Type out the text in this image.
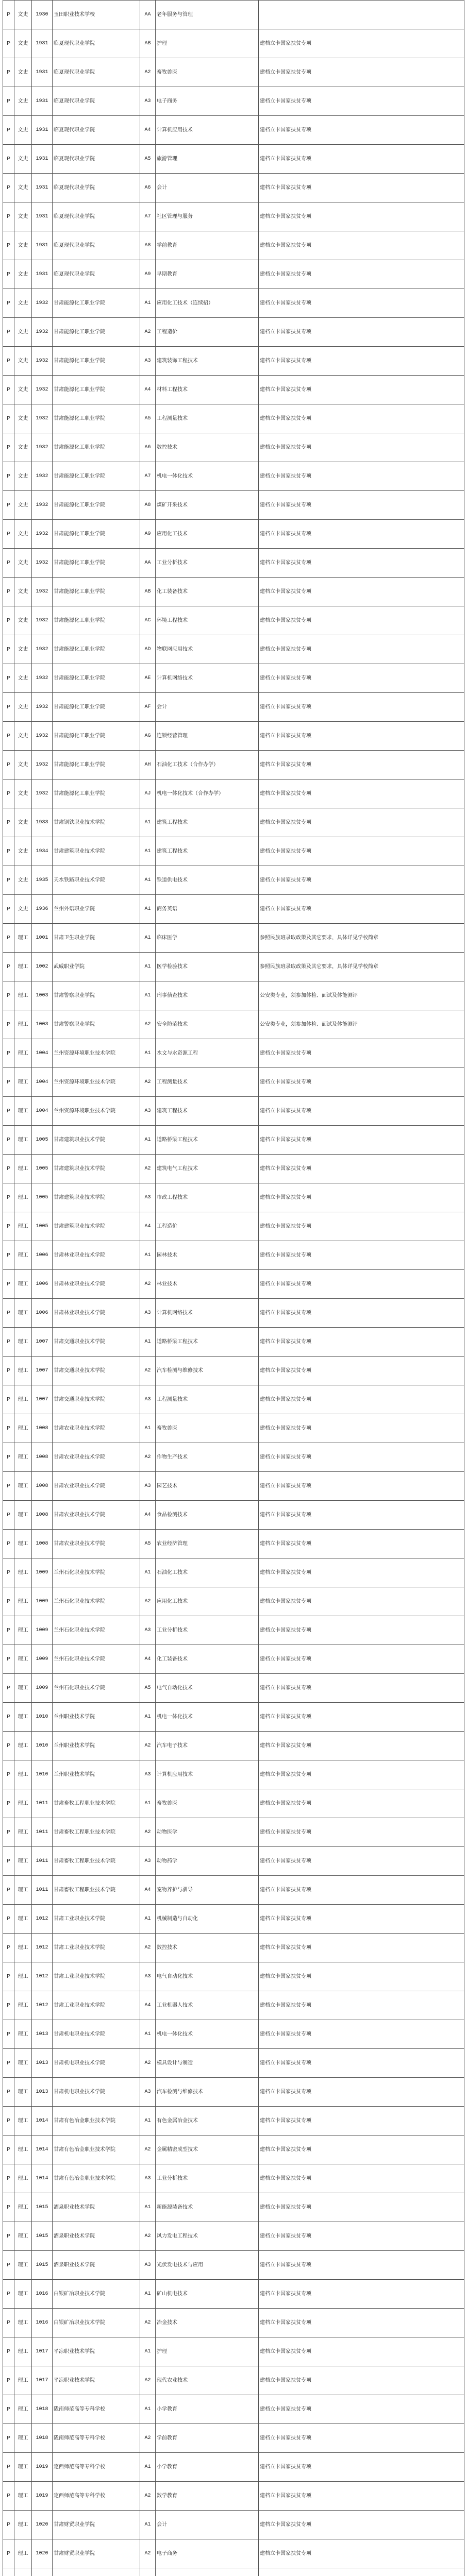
P	文史	1930	玉田职业技术学校	AA	老年服务与管理	
P	文史	1931	临夏现代职业学院	AB	护理	建档立卡国家扶贫专项
P	文史	1931	临夏现代职业学院	A2	畜牧兽医	建档立卡国家扶贫专项
P	文史	1931	临夏现代职业学院	A3	电子商务	建档立卡国家扶贫专项
P	文史	1931	临夏现代职业学院	A4	计算机应用技术	建档立卡国家扶贫专项
P	文史	1931	临夏现代职业学院	A5	旅游管理	建档立卡国家扶贫专项
P	文史	1931	临夏现代职业学院	A6	会计	建档立卡国家扶贫专项
P	文史	1931	临夏现代职业学院	A7	社区管理与服务	建档立卡国家扶贫专项
P	文史	1931	临夏现代职业学院	A8	学前教育	建档立卡国家扶贫专项
P	文史	1931	临夏现代职业学院	A9	早期教育	建档立卡国家扶贫专项
P	文史	1932	甘肃能源化工职业学院	A1	应用化工技术（连续招）	建档立卡国家扶贫专项
P	文史	1932	甘肃能源化工职业学院	A2	工程造价	建档立卡国家扶贫专项
P	文史	1932	甘肃能源化工职业学院	A3	建筑装饰工程技术	建档立卡国家扶贫专项
P	文史	1932	甘肃能源化工职业学院	A4	材料工程技术	建档立卡国家扶贫专项
P	文史	1932	甘肃能源化工职业学院	A5	工程测量技术	建档立卡国家扶贫专项
P	文史	1932	甘肃能源化工职业学院	A6	数控技术	建档立卡国家扶贫专项
P	文史	1932	甘肃能源化工职业学院	A7	机电一体化技术	建档立卡国家扶贫专项
P	文史	1932	甘肃能源化工职业学院	A8	煤矿开采技术	建档立卡国家扶贫专项
P	文史	1932	甘肃能源化工职业学院	A9	应用化工技术	建档立卡国家扶贫专项
P	文史	1932	甘肃能源化工职业学院	AA	工业分析技术	建档立卡国家扶贫专项
P	文史	1932	甘肃能源化工职业学院	AB	化工装备技术	建档立卡国家扶贫专项
P	文史	1932	甘肃能源化工职业学院	AC	环境工程技术	建档立卡国家扶贫专项
P	文史	1932	甘肃能源化工职业学院	AD	物联网应用技术	建档立卡国家扶贫专项
P	文史	1932	甘肃能源化工职业学院	AE	计算机网络技术	建档立卡国家扶贫专项
P	文史	1932	甘肃能源化工职业学院	AF	会计	建档立卡国家扶贫专项
P	文史	1932	甘肃能源化工职业学院	AG	连锁经营管理	建档立卡国家扶贫专项
P	文史	1932	甘肃能源化工职业学院	AH	石油化工技术（合作办学）	建档立卡国家扶贫专项
P	文史	1932	甘肃能源化工职业学院	AJ	机电一体化技术（合作办学）	建档立卡国家扶贫专项
P	文史	1933	甘肃钢铁职业技术学院	A1	建筑工程技术	建档立卡国家扶贫专项
P	文史	1934	甘肃建筑职业技术学院	A1	建筑工程技术	建档立卡国家扶贫专项
P	文史	1935	天水铁路职业技术学院	A1	铁道供电技术	建档立卡国家扶贫专项
P	文史	1936	兰州外语职业学院	A1	商务英语	建档立卡国家扶贫专项
P	理工	1001	甘肃卫生职业学院	A1	临床医学	参照民族班录取政策及其它要求，具体详见学校简章
P	理工	1002	武威职业学院	A1	医学检验技术	参照民族班录取政策及其它要求，具体详见学校简章
P	理工	1003	甘肃警察职业学院	A1	刑事侦查技术	公安类专业，须参加体检、面试及体能测评
P	理工	1003	甘肃警察职业学院	A2	安全防范技术	公安类专业，须参加体检、面试及体能测评
P	理工	1004	兰州资源环境职业技术学院	A1	水文与水资源工程	建档立卡国家扶贫专项
P	理工	1004	兰州资源环境职业技术学院	A2	工程测量技术	建档立卡国家扶贫专项
P	理工	1004	兰州资源环境职业技术学院	A3	建筑工程技术	建档立卡国家扶贫专项
P	理工	1005	甘肃建筑职业技术学院	A1	道路桥梁工程技术	建档立卡国家扶贫专项
P	理工	1005	甘肃建筑职业技术学院	A2	建筑电气工程技术	建档立卡国家扶贫专项
P	理工	1005	甘肃建筑职业技术学院	A3	市政工程技术	建档立卡国家扶贫专项
P	理工	1005	甘肃建筑职业技术学院	A4	工程造价	建档立卡国家扶贫专项
P	理工	1006	甘肃林业职业技术学院	A1	园林技术	建档立卡国家扶贫专项
P	理工	1006	甘肃林业职业技术学院	A2	林业技术	建档立卡国家扶贫专项
P	理工	1006	甘肃林业职业技术学院	A3	计算机网络技术	建档立卡国家扶贫专项
P	理工	1007	甘肃交通职业技术学院	A1	道路桥梁工程技术	建档立卡国家扶贫专项
P	理工	1007	甘肃交通职业技术学院	A2	汽车检测与维修技术	建档立卡国家扶贫专项
P	理工	1007	甘肃交通职业技术学院	A3	工程测量技术	建档立卡国家扶贫专项
P	理工	1008	甘肃农业职业技术学院	A1	畜牧兽医	建档立卡国家扶贫专项
P	理工	1008	甘肃农业职业技术学院	A2	作物生产技术	建档立卡国家扶贫专项
P	理工	1008	甘肃农业职业技术学院	A3	园艺技术	建档立卡国家扶贫专项
P	理工	1008	甘肃农业职业技术学院	A4	食品检测技术	建档立卡国家扶贫专项
P	理工	1008	甘肃农业职业技术学院	A5	农业经济管理	建档立卡国家扶贫专项
P	理工	1009	兰州石化职业技术学院	A1	石油化工技术	建档立卡国家扶贫专项
P	理工	1009	兰州石化职业技术学院	A2	应用化工技术	建档立卡国家扶贫专项
P	理工	1009	兰州石化职业技术学院	A3	工业分析技术	建档立卡国家扶贫专项
P	理工	1009	兰州石化职业技术学院	A4	化工装备技术	建档立卡国家扶贫专项
P	理工	1009	兰州石化职业技术学院	A5	电气自动化技术	建档立卡国家扶贫专项
P	理工	1010	兰州职业技术学院	A1	机电一体化技术	建档立卡国家扶贫专项
P	理工	1010	兰州职业技术学院	A2	汽车电子技术	建档立卡国家扶贫专项
P	理工	1010	兰州职业技术学院	A3	计算机应用技术	建档立卡国家扶贫专项
P	理工	1011	甘肃畜牧工程职业技术学院	A1	畜牧兽医	建档立卡国家扶贫专项
P	理工	1011	甘肃畜牧工程职业技术学院	A2	动物医学	建档立卡国家扶贫专项
P	理工	1011	甘肃畜牧工程职业技术学院	A3	动物药学	建档立卡国家扶贫专项
P	理工	1011	甘肃畜牧工程职业技术学院	A4	宠物养护与驯导	建档立卡国家扶贫专项
P	理工	1012	甘肃工业职业技术学院	A1	机械制造与自动化	建档立卡国家扶贫专项
P	理工	1012	甘肃工业职业技术学院	A2	数控技术	建档立卡国家扶贫专项
P	理工	1012	甘肃工业职业技术学院	A3	电气自动化技术	建档立卡国家扶贫专项
P	理工	1012	甘肃工业职业技术学院	A4	工业机器人技术	建档立卡国家扶贫专项
P	理工	1013	甘肃机电职业技术学院	A1	机电一体化技术	建档立卡国家扶贫专项
P	理工	1013	甘肃机电职业技术学院	A2	模具设计与制造	建档立卡国家扶贫专项
P	理工	1013	甘肃机电职业技术学院	A3	汽车检测与维修技术	建档立卡国家扶贫专项
P	理工	1014	甘肃有色冶金职业技术学院	A1	有色金属冶金技术	建档立卡国家扶贫专项
P	理工	1014	甘肃有色冶金职业技术学院	A2	金属精密成型技术	建档立卡国家扶贫专项
P	理工	1014	甘肃有色冶金职业技术学院	A3	工业分析技术	建档立卡国家扶贫专项
P	理工	1015	酒泉职业技术学院	A1	新能源装备技术	建档立卡国家扶贫专项
P	理工	1015	酒泉职业技术学院	A2	风力发电工程技术	建档立卡国家扶贫专项
P	理工	1015	酒泉职业技术学院	A3	光伏发电技术与应用	建档立卡国家扶贫专项
P	理工	1016	白银矿冶职业技术学院	A1	矿山机电技术	建档立卡国家扶贫专项
P	理工	1016	白银矿冶职业技术学院	A2	冶金技术	建档立卡国家扶贫专项
P	理工	1017	平凉职业技术学院	A1	护理	建档立卡国家扶贫专项
P	理工	1017	平凉职业技术学院	A2	现代农业技术	建档立卡国家扶贫专项
P	理工	1018	陇南师范高等专科学校	A1	小学教育	建档立卡国家扶贫专项
P	理工	1018	陇南师范高等专科学校	A2	学前教育	建档立卡国家扶贫专项
P	理工	1019	定西师范高等专科学校	A1	小学教育	建档立卡国家扶贫专项
P	理工	1019	定西师范高等专科学校	A2	数学教育	建档立卡国家扶贫专项
P	理工	1020	甘肃财贸职业学院	A1	会计	建档立卡国家扶贫专项
P	理工	1020	甘肃财贸职业学院	A2	电子商务	建档立卡国家扶贫专项
